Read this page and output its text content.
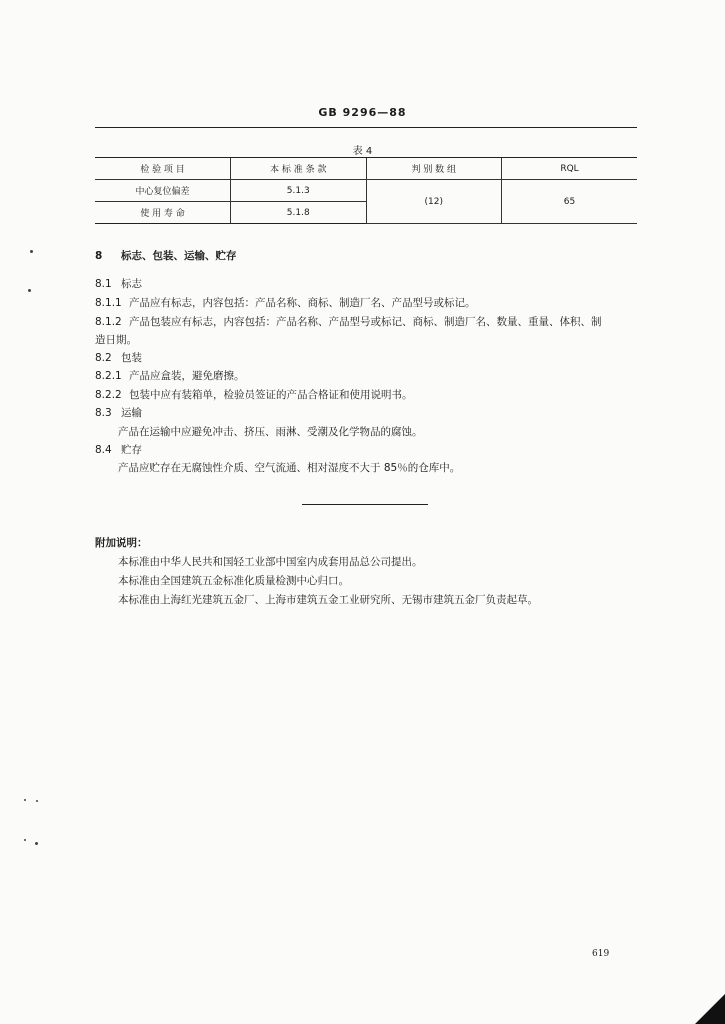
GB 9296—88
表 4
检 验 项 目	本 标 准 条 款	判 别 数 组	RQL
中心复位偏差	5.1.3	(12)	65
使 用 寿 命	5.1.8		
8 标志、包装、运输、贮存
8.1 标志
8.1.1 产品应有标志，内容包括：产品名称、商标、制造厂名、产品型号或标记。
8.1.2 产品包装应有标志，内容包括：产品名称、产品型号或标记、商标、制造厂名、数量、重量、体积、制
造日期。
8.2 包装
8.2.1 产品应盒装，避免磨擦。
8.2.2 包装中应有装箱单，检验员签证的产品合格证和使用说明书。
8.3 运输
产品在运输中应避免冲击、挤压、雨淋、受潮及化学物品的腐蚀。
8.4 贮存
产品应贮存在无腐蚀性介质、空气流通、相对湿度不大于 85％的仓库中。
附加说明：
本标准由中华人民共和国轻工业部中国室内成套用品总公司提出。
本标准由全国建筑五金标准化质量检测中心归口。
本标准由上海红光建筑五金厂、上海市建筑五金工业研究所、无锡市建筑五金厂负责起草。
619
